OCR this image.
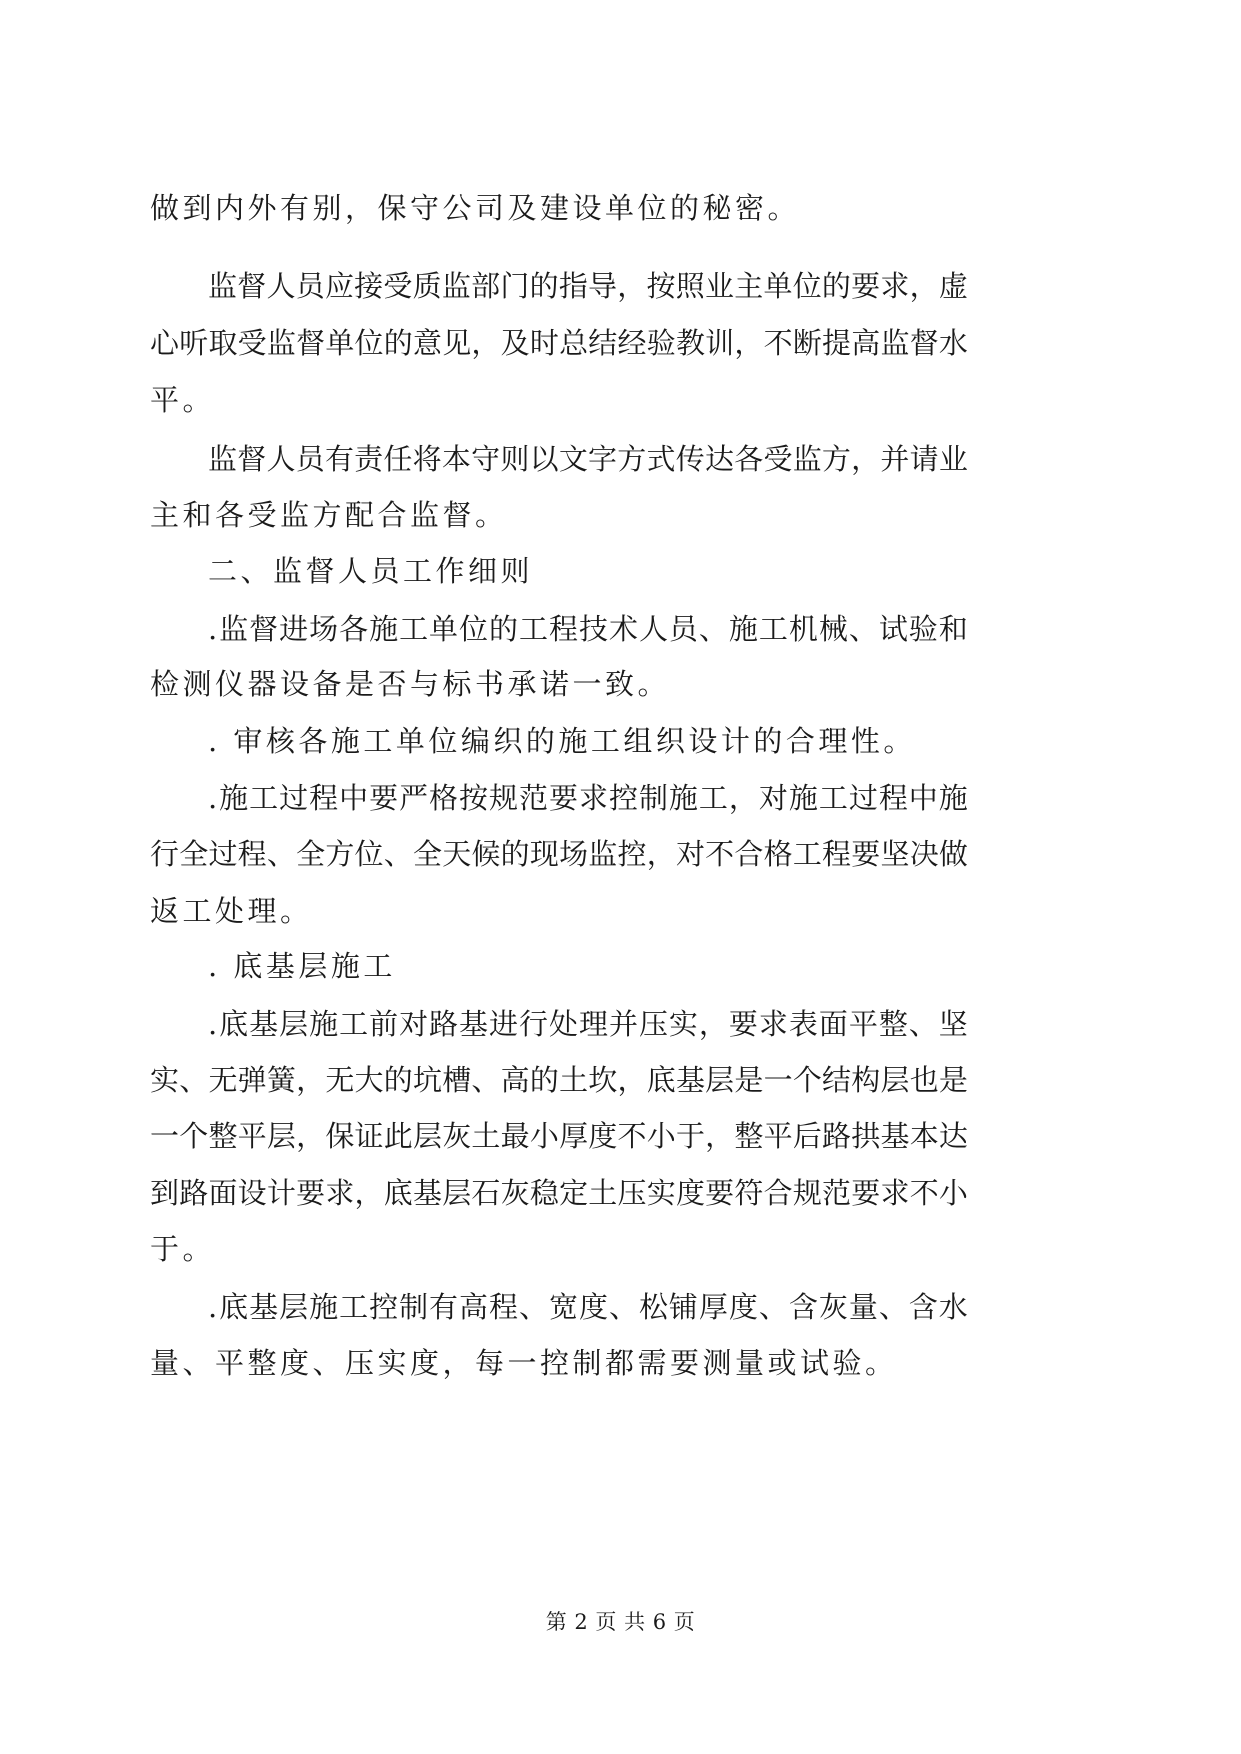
做到内外有别，保守公司及建设单位的秘密。
监 督 人 员 应 接 受 质 监 部 门 的 指 导 ， 按 照 业 主 单 位 的 要 求 ， 虚
心 听 取 受 监 督 单 位 的 意 见 ， 及 时 总 结 经 验 教 训 ， 不 断 提 高 监 督 水
平。
监 督 人 员 有 责 任 将 本 守 则 以 文 字 方 式 传 达 各 受 监 方 ， 并 请 业
主和各受监方配合监督。
二、监督人员工作细则
. 监 督 进 场 各 施 工 单 位 的 工 程 技 术 人 员 、 施 工 机 械 、 试 验 和
检测仪器设备是否与标书承诺一致。
. 审核各施工单位编织的施工组织设计的合理性。
. 施 工 过 程 中 要 严 格 按 规 范 要 求 控 制 施 工 ， 对 施 工 过 程 中 施
行 全 过 程 、 全 方 位 、 全 天 候 的 现 场 监 控 ， 对 不 合 格 工 程 要 坚 决 做
返工处理。
. 底基层施工
. 底 基 层 施 工 前 对 路 基 进 行 处 理 并 压 实 ， 要 求 表 面 平 整 、 坚
实 、 无 弹 簧 ， 无 大 的 坑 槽 、 高 的 土 坎 ， 底 基 层 是 一 个 结 构 层 也 是
一 个 整 平 层 ， 保 证 此 层 灰 土 最 小 厚 度 不 小 于 ， 整 平 后 路 拱 基 本 达
到 路 面 设 计 要 求 ， 底 基 层 石 灰 稳 定 土 压 实 度 要 符 合 规 范 要 求 不 小
于。
. 底 基 层 施 工 控 制 有 高 程 、 宽 度 、 松 铺 厚 度 、 含 灰 量 、 含 水
量、平整度、压实度，每一控制都需要测量或试验。
第 2 页 共 6 页
